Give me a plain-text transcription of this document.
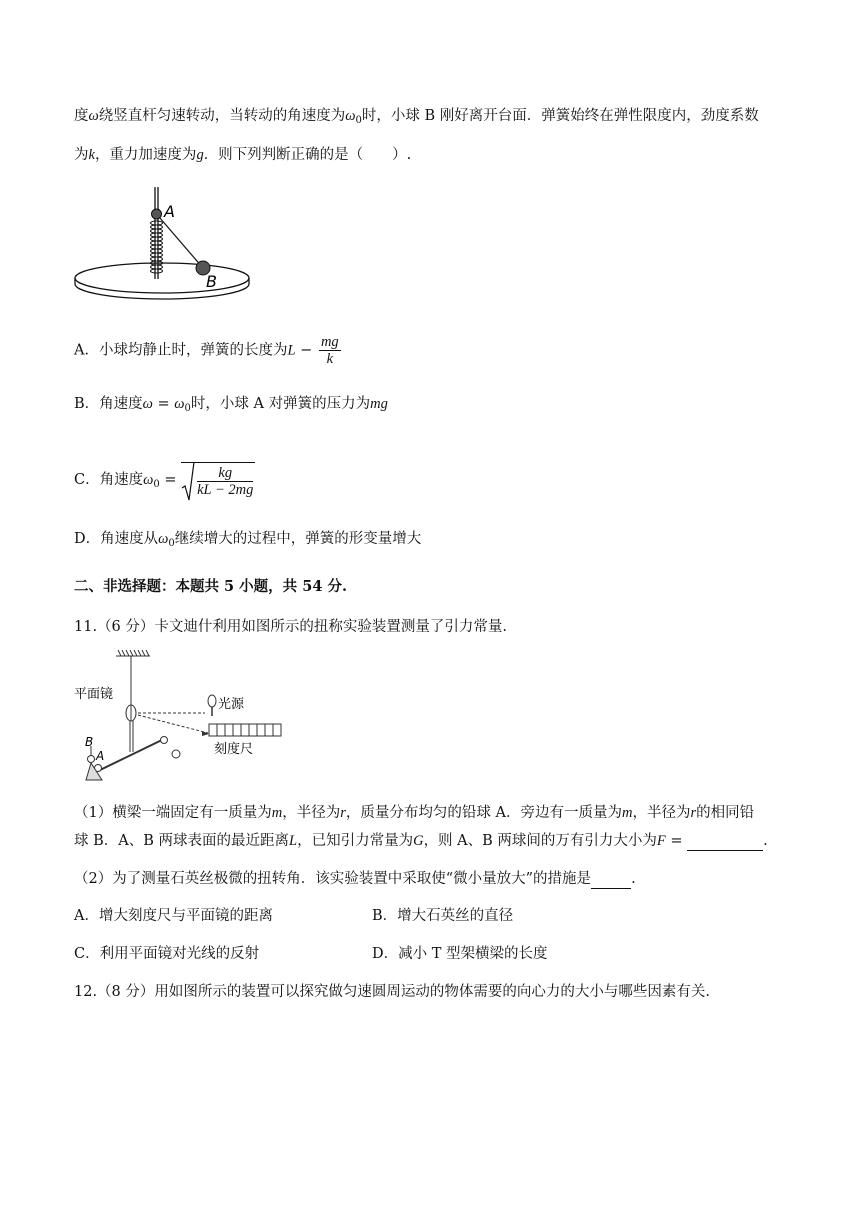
度ω绕竖直杆匀速转动，当转动的角速度为$\omega_0$时，小球 B 刚好离开台面．弹簧始终在弹性限度内，劲度系数
为k，重力加速度为g．则下列判断正确的是（　　）.
A
B
A．小球均静止时，弹簧的长度为$L - \frac{mg}{k}$
B．角速度$\omega = \omega_0$时，小球 A 对弹簧的压力为mg
C．角速度$\omega_0 = \frac{kg}{kL - 2mg}$
D．角速度从$\omega_0$继续增大的过程中，弹簧的形变量增大
二、非选择题：本题共 5 小题，共 54 分.
11.（6 分）卡文迪什利用如图所示的扭称实验装置测量了引力常量.
平面镜
光源
刻度尺
B
A
（1）横梁一端固定有一质量为m，半径为r，质量分布均匀的铅球 A．旁边有一质量为m，半径为r的相同铅
球 B．A、B 两球表面的最近距离L，已知引力常量为G，则 A、B 两球间的万有引力大小为F =	.
（2）为了测量石英丝极微的扭转角．该实验装置中采取使“微小量放大”的措施是	.
A．增大刻度尺与平面镜的距离	B．增大石英丝的直径
C．利用平面镜对光线的反射	D．减小 T 型架横梁的长度
12.（8 分）用如图所示的装置可以探究做匀速圆周运动的物体需要的向心力的大小与哪些因素有关.
